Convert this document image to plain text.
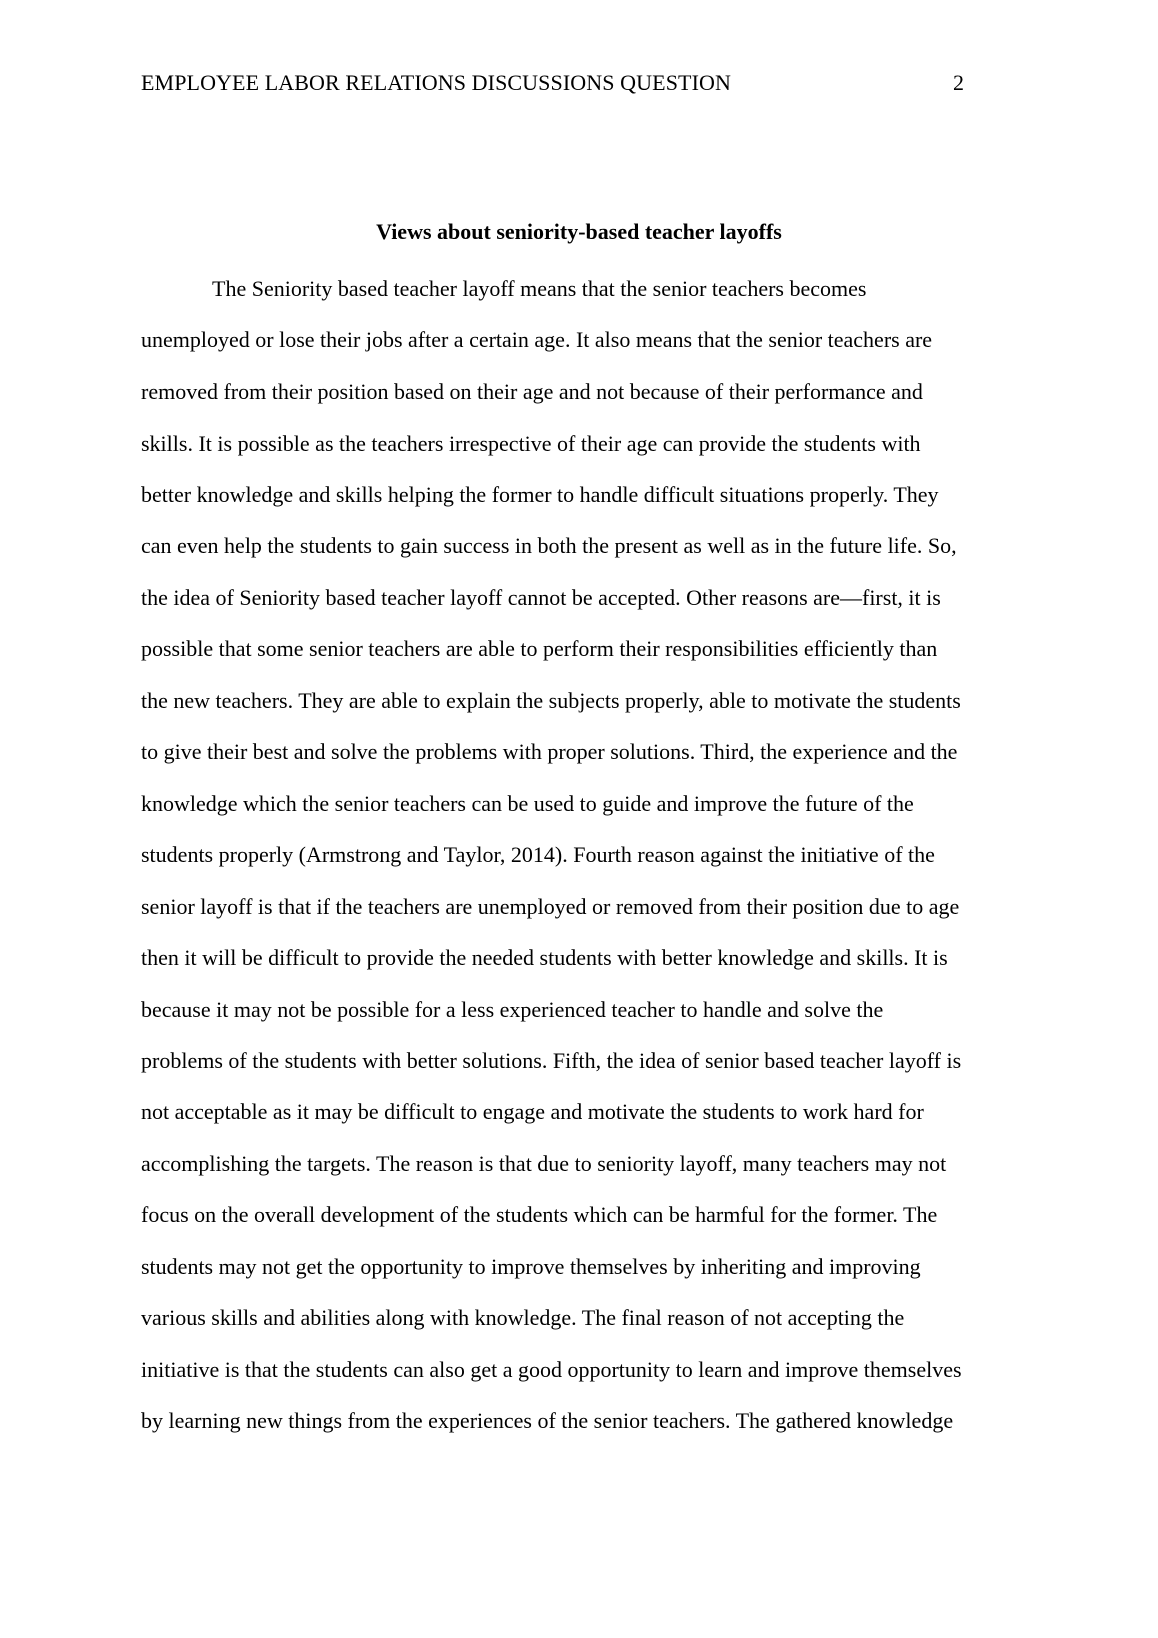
EMPLOYEE LABOR RELATIONS DISCUSSIONS QUESTION	2
Views about seniority-based teacher layoffs
The Seniority based teacher layoff means that the senior teachers becomes
unemployed or lose their jobs after a certain age. It also means that the senior teachers are
removed from their position based on their age and not because of their performance and
skills. It is possible as the teachers irrespective of their age can provide the students with
better knowledge and skills helping the former to handle difficult situations properly. They
can even help the students to gain success in both the present as well as in the future life. So,
the idea of Seniority based teacher layoff cannot be accepted. Other reasons are—first, it is
possible that some senior teachers are able to perform their responsibilities efficiently than
the new teachers. They are able to explain the subjects properly, able to motivate the students
to give their best and solve the problems with proper solutions. Third, the experience and the
knowledge which the senior teachers can be used to guide and improve the future of the
students properly (Armstrong and Taylor, 2014). Fourth reason against the initiative of the
senior layoff is that if the teachers are unemployed or removed from their position due to age
then it will be difficult to provide the needed students with better knowledge and skills. It is
because it may not be possible for a less experienced teacher to handle and solve the
problems of the students with better solutions. Fifth, the idea of senior based teacher layoff is
not acceptable as it may be difficult to engage and motivate the students to work hard for
accomplishing the targets. The reason is that due to seniority layoff, many teachers may not
focus on the overall development of the students which can be harmful for the former. The
students may not get the opportunity to improve themselves by inheriting and improving
various skills and abilities along with knowledge. The final reason of not accepting the
initiative is that the students can also get a good opportunity to learn and improve themselves
by learning new things from the experiences of the senior teachers. The gathered knowledge
